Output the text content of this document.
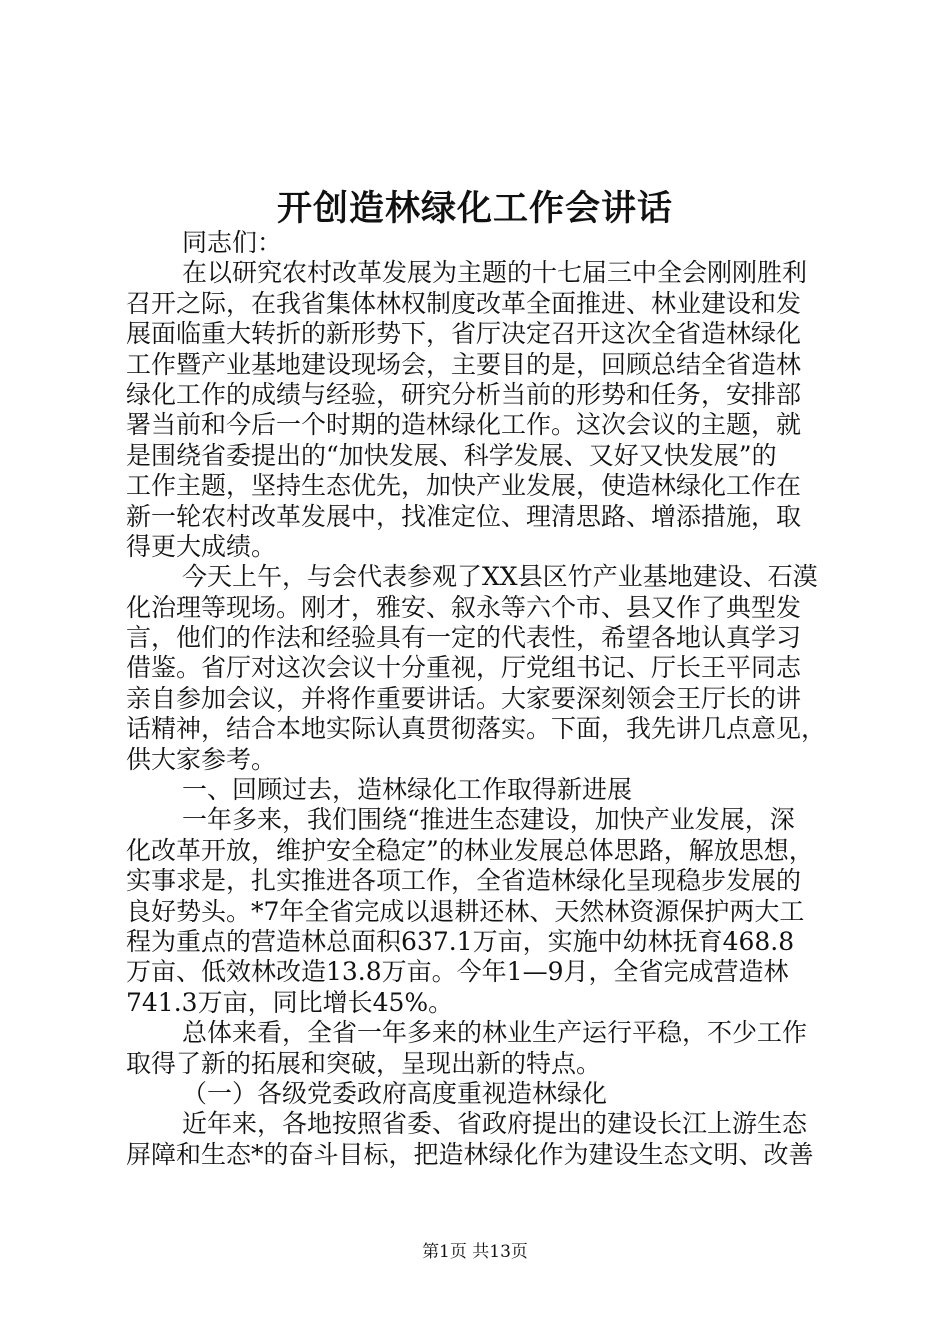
开创造林绿化工作会讲话
同志们：
在以研究农村改革发展为主题的十七届三中全会刚刚胜利
召开之际，在我省集体林权制度改革全面推进、林业建设和发
展面临重大转折的新形势下，省厅决定召开这次全省造林绿化
工作暨产业基地建设现场会，主要目的是，回顾总结全省造林
绿化工作的成绩与经验，研究分析当前的形势和任务，安排部
署当前和今后一个时期的造林绿化工作。这次会议的主题，就
是围绕省委提出的“加快发展、科学发展、又好又快发展”的
工作主题，坚持生态优先，加快产业发展，使造林绿化工作在
新一轮农村改革发展中，找准定位、理清思路、增添措施，取
得更大成绩。
今天上午，与会代表参观了XX县区竹产业基地建设、石漠
化治理等现场。刚才，雅安、叙永等六个市、县又作了典型发
言，他们的作法和经验具有一定的代表性，希望各地认真学习
借鉴。省厅对这次会议十分重视，厅党组书记、厅长王平同志
亲自参加会议，并将作重要讲话。大家要深刻领会王厅长的讲
话精神，结合本地实际认真贯彻落实。下面，我先讲几点意见，
供大家参考。
一、回顾过去，造林绿化工作取得新进展
一年多来，我们围绕“推进生态建设，加快产业发展，深
化改革开放，维护安全稳定”的林业发展总体思路，解放思想，
实事求是，扎实推进各项工作，全省造林绿化呈现稳步发展的
良好势头。*7年全省完成以退耕还林、天然林资源保护两大工
程为重点的营造林总面积637.1万亩，实施中幼林抚育468.8
万亩、低效林改造13.8万亩。今年1—9月，全省完成营造林
741.3万亩，同比增长45%。
总体来看，全省一年多来的林业生产运行平稳，不少工作
取得了新的拓展和突破，呈现出新的特点。
（一）各级党委政府高度重视造林绿化
近年来，各地按照省委、省政府提出的建设长江上游生态
屏障和生态*的奋斗目标，把造林绿化作为建设生态文明、改善
第1页 共13页
